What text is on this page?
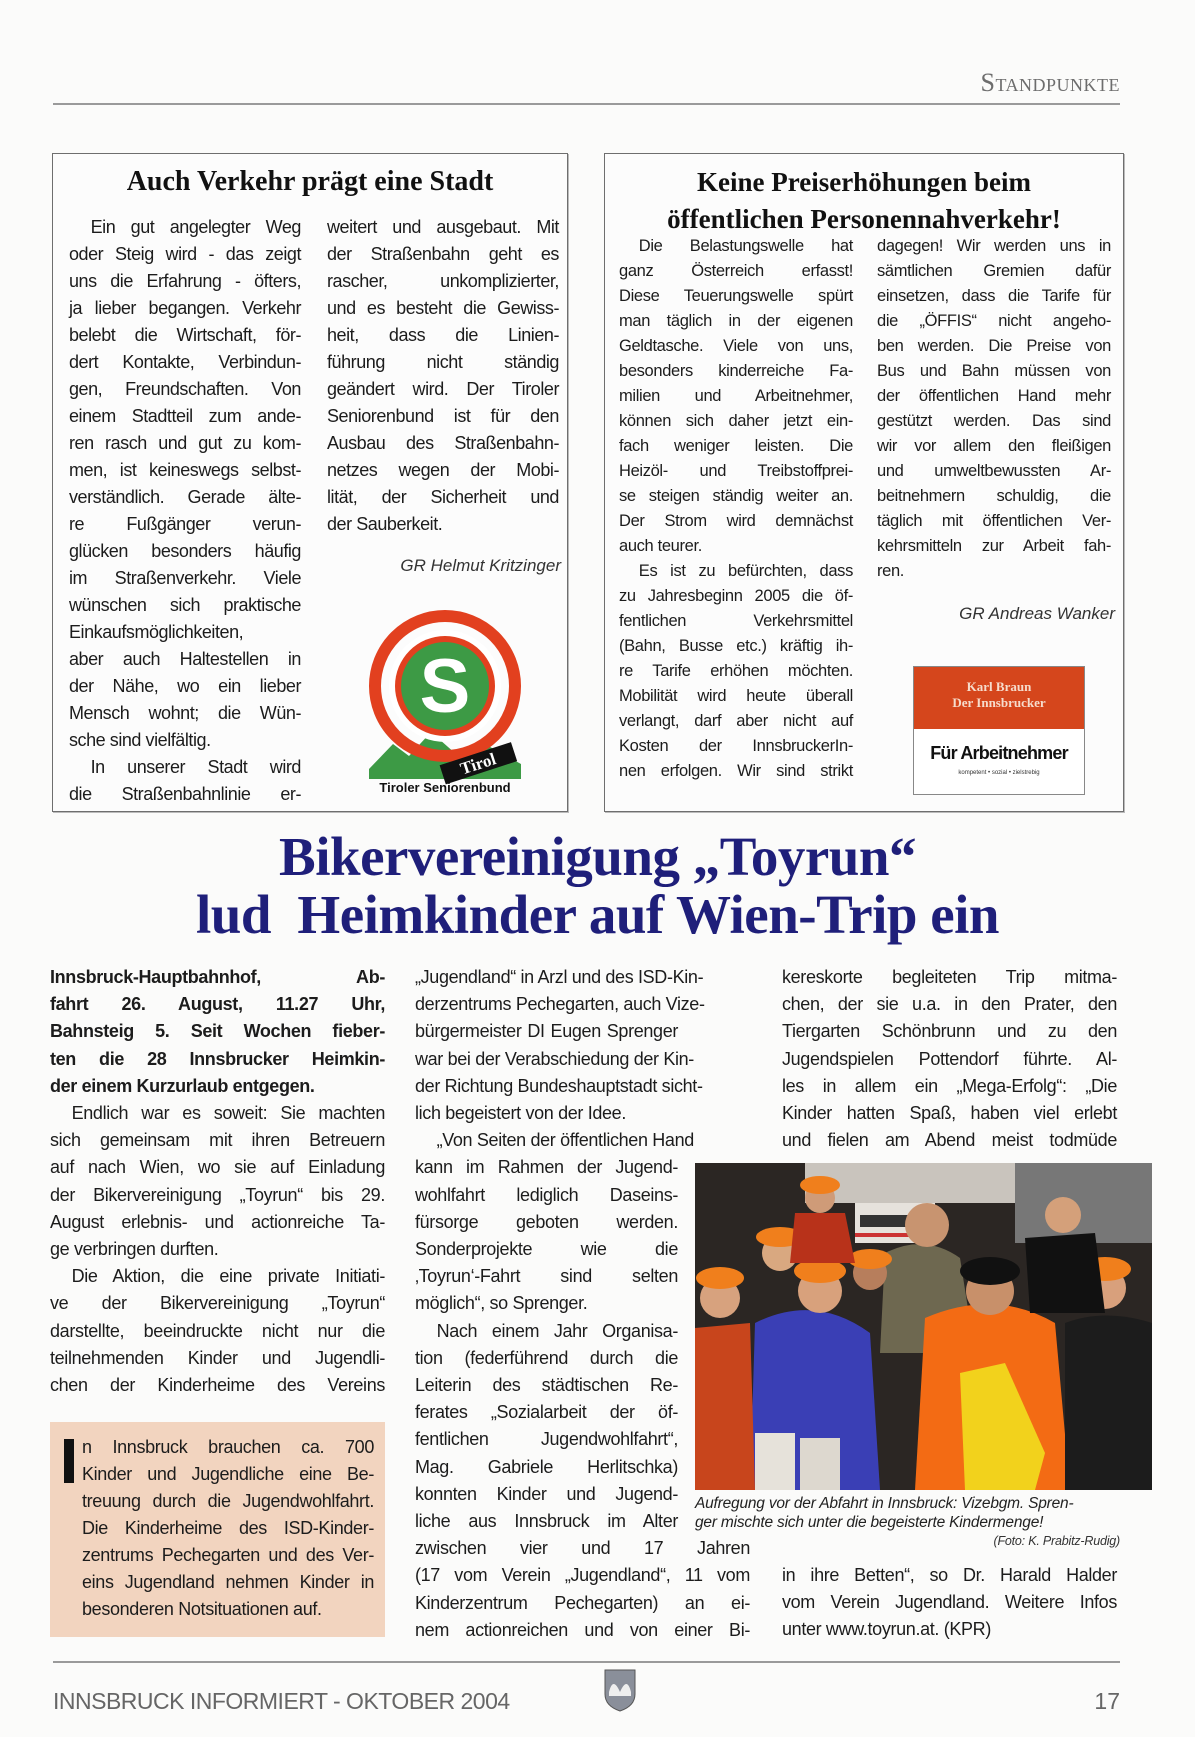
Standpunkte
Auch Verkehr prägt eine Stadt
Ein gut angelegter Weg
oder Steig wird - das zeigt
uns die Erfahrung - öfters,
ja lieber begangen. Verkehr
belebt die Wirtschaft, för-
dert Kontakte, Verbindun-
gen, Freundschaften. Von
einem Stadtteil zum ande-
ren rasch und gut zu kom-
men, ist keineswegs selbst-
verständlich. Gerade älte-
re Fußgänger verun-
glücken besonders häufig
im Straßenverkehr. Viele
wünschen sich praktische
Einkaufsmöglichkeiten,
aber auch Haltestellen in
der Nähe, wo ein lieber
Mensch wohnt; die Wün-
sche sind vielfältig.
In unserer Stadt wird
die Straßenbahnlinie er-
weitert und ausgebaut. Mit
der Straßenbahn geht es
rascher, unkomplizierter,
und es besteht die Gewiss-
heit, dass die Linien-
führung nicht ständig
geändert wird. Der Tiroler
Seniorenbund ist für den
Ausbau des Straßenbahn-
netzes wegen der Mobi-
lität, der Sicherheit und
der Sauberkeit.
GR Helmut Kritzinger
S
Tirol
Tiroler Seniorenbund
Keine Preiserhöhungen beim
öffentlichen Personennahverkehr!
Die Belastungswelle hat
ganz Österreich erfasst!
Diese Teuerungswelle spürt
man täglich in der eigenen
Geldtasche. Viele von uns,
besonders kinderreiche Fa-
milien und Arbeitnehmer,
können sich daher jetzt ein-
fach weniger leisten. Die
Heizöl- und Treibstoffprei-
se steigen ständig weiter an.
Der Strom wird demnächst
auch teurer.
Es ist zu befürchten, dass
zu Jahresbeginn 2005 die öf-
fentlichen Verkehrsmittel
(Bahn, Busse etc.) kräftig ih-
re Tarife erhöhen möchten.
Mobilität wird heute überall
verlangt, darf aber nicht auf
Kosten der InnsbruckerIn-
nen erfolgen. Wir sind strikt
dagegen! Wir werden uns in
sämtlichen Gremien dafür
einsetzen, dass die Tarife für
die „ÖFFIS“ nicht angeho-
ben werden. Die Preise von
Bus und Bahn müssen von
der öffentlichen Hand mehr
gestützt werden. Das sind
wir vor allem den fleißigen
und umweltbewussten Ar-
beitnehmern schuldig, die
täglich mit öffentlichen Ver-
kehrsmitteln zur Arbeit fah-
ren.
GR Andreas Wanker
Karl Braun
Der Innsbrucker
Für Arbeitnehmer
kompetent • sozial • zielstrebig
Bikervereinigung „Toyrun“
lud  Heimkinder auf Wien-Trip ein
Innsbruck-Hauptbahnhof, Ab-
fahrt 26. August, 11.27 Uhr,
Bahnsteig 5. Seit Wochen fieber-
ten die 28 Innsbrucker Heimkin-
der einem Kurzurlaub entgegen.
Endlich war es soweit: Sie machten
sich gemeinsam mit ihren Betreuern
auf nach Wien, wo sie auf Einladung
der Bikervereinigung „Toyrun“ bis 29.
August erlebnis- und actionreiche Ta-
ge verbringen durften.
Die Aktion, die eine private Initiati-
ve der Bikervereinigung „Toyrun“
darstellte, beeindruckte nicht nur die
teilnehmenden Kinder und Jugendli-
chen der Kinderheime des Vereins
„Jugendland“ in Arzl und des ISD-Kin-
derzentrums Pechegarten, auch Vize-
bürgermeister DI Eugen Sprenger
war bei der Verabschiedung der Kin-
der Richtung Bundeshauptstadt sicht-
lich begeistert von der Idee.
„Von Seiten der öffentlichen Hand
kann im Rahmen der Jugend-
wohlfahrt lediglich Daseins-
fürsorge geboten werden.
Sonderprojekte wie die
‚Toyrun‘-Fahrt sind selten
möglich“, so Sprenger.
Nach einem Jahr Organisa-
tion (federführend durch die
Leiterin des städtischen Re-
ferates „Sozialarbeit der öf-
fentlichen Jugendwohlfahrt“,
Mag. Gabriele Herlitschka)
konnten Kinder und Jugend-
liche aus Innsbruck im Alter
zwischen vier und 17 Jahren
(17 vom Verein „Jugendland“, 11 vom
Kinderzentrum Pechegarten) an ei-
nem actionreichen und von einer Bi-
kereskorte begleiteten Trip mitma-
chen, der sie u.a. in den Prater, den
Tiergarten Schönbrunn und zu den
Jugendspielen Pottendorf führte. Al-
les in allem ein „Mega-Erfolg“: „Die
Kinder hatten Spaß, haben viel erlebt
und fielen am Abend meist todmüde
in ihre Betten“, so Dr. Harald Halder
vom Verein Jugendland. Weitere Infos
unter www.toyrun.at. (KPR)
n Innsbruck brauchen ca. 700
Kinder und Jugendliche eine Be-
treuung durch die Jugendwohlfahrt.
Die Kinderheime des ISD-Kinder-
zentrums Pechegarten und des Ver-
eins Jugendland nehmen Kinder in
besonderen Notsituationen auf.
Aufregung vor der Abfahrt in Innsbruck: Vizebgm. Spren-
ger mischte sich unter die begeisterte Kindermenge!
(Foto: K. Prabitz-Rudig)
INNSBRUCK INFORMIERT - OKTOBER 2004	17
